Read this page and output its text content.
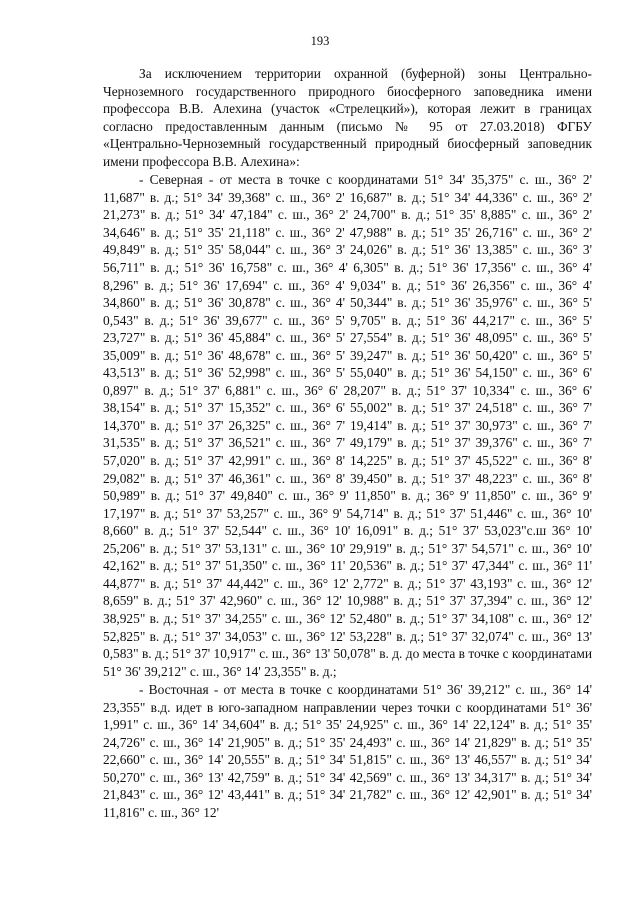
193

За исключением территории охранной (буферной) зоны Центрально-Черноземного государственного природного биосферного заповедника имени профессора В.В. Алехина (участок «Стрелецкий»), которая лежит в границах согласно предоставленным данным (письмо № 95 от 27.03.2018) ФГБУ «Центрально-Черноземный государственный природный биосферный заповедник имени профессора В.В. Алехина»:

- Северная - от места в точке с координатами 51° 34' 35,375" с. ш., 36° 2' 11,687" в. д.; 51° 34' 39,368" с. ш., 36° 2' 16,687" в. д.; 51° 34' 44,336" с. ш., 36° 2' 21,273" в. д.; 51° 34' 47,184" с. ш., 36° 2' 24,700" в. д.; 51° 35' 8,885" с. ш., 36° 2' 34,646" в. д.; 51° 35' 21,118" с. ш., 36° 2' 47,988" в. д.; 51° 35' 26,716" с. ш., 36° 2' 49,849" в. д.; 51° 35' 58,044" с. ш., 36° 3' 24,026" в. д.; 51° 36' 13,385" с. ш., 36° 3' 56,711" в. д.; 51° 36' 16,758" с. ш., 36° 4' 6,305" в. д.; 51° 36' 17,356" с. ш., 36° 4' 8,296" в. д.; 51° 36' 17,694" с. ш., 36° 4' 9,034" в. д.; 51° 36' 26,356" с. ш., 36° 4' 34,860" в. д.; 51° 36' 30,878" с. ш., 36° 4' 50,344" в. д.; 51° 36' 35,976" с. ш., 36° 5' 0,543" в. д.; 51° 36' 39,677" с. ш., 36° 5' 9,705" в. д.; 51° 36' 44,217" с. ш., 36° 5' 23,727" в. д.; 51° 36' 45,884" с. ш., 36° 5' 27,554" в. д.; 51° 36' 48,095" с. ш., 36° 5' 35,009" в. д.; 51° 36' 48,678" с. ш., 36° 5' 39,247" в. д.; 51° 36' 50,420" с. ш., 36° 5' 43,513" в. д.; 51° 36' 52,998" с. ш., 36° 5' 55,040" в. д.; 51° 36' 54,150" с. ш., 36° 6' 0,897" в. д.; 51° 37' 6,881" с. ш., 36° 6' 28,207" в. д.; 51° 37' 10,334" с. ш., 36° 6' 38,154" в. д.; 51° 37' 15,352" с. ш., 36° 6' 55,002" в. д.; 51° 37' 24,518" с. ш., 36° 7' 14,370" в. д.; 51° 37' 26,325" с. ш., 36° 7' 19,414" в. д.; 51° 37' 30,973" с. ш., 36° 7' 31,535" в. д.; 51° 37' 36,521" с. ш., 36° 7' 49,179" в. д.; 51° 37' 39,376" с. ш., 36° 7' 57,020" в. д.; 51° 37' 42,991" с. ш., 36° 8' 14,225" в. д.; 51° 37' 45,522" с. ш., 36° 8' 29,082" в. д.; 51° 37' 46,361" с. ш., 36° 8' 39,450" в. д.; 51° 37' 48,223" с. ш., 36° 8' 50,989" в. д.; 51° 37' 49,840" с. ш., 36° 9' 11,850" в. д.; 36° 9' 11,850" с. ш., 36° 9' 17,197" в. д.; 51° 37' 53,257" с. ш., 36° 9' 54,714" в. д.; 51° 37' 51,446" с. ш., 36° 10' 8,660" в. д.; 51° 37' 52,544" с. ш., 36° 10' 16,091" в. д.; 51° 37' 53,023"с.ш 36° 10' 25,206" в. д.; 51° 37' 53,131" с. ш., 36° 10' 29,919" в. д.; 51° 37' 54,571" с. ш., 36° 10' 42,162" в. д.; 51° 37' 51,350" с. ш., 36° 11' 20,536" в. д.; 51° 37' 47,344" с. ш., 36° 11' 44,877" в. д.; 51° 37' 44,442" с. ш., 36° 12' 2,772" в. д.; 51° 37' 43,193" с. ш., 36° 12' 8,659" в. д.; 51° 37' 42,960" с. ш., 36° 12' 10,988" в. д.; 51° 37' 37,394" с. ш., 36° 12' 38,925" в. д.; 51° 37' 34,255" с. ш., 36° 12' 52,480" в. д.; 51° 37' 34,108" с. ш., 36° 12' 52,825" в. д.; 51° 37' 34,053" с. ш., 36° 12' 53,228" в. д.; 51° 37' 32,074" с. ш., 36° 13' 0,583" в. д.; 51° 37' 10,917" с. ш., 36° 13' 50,078" в. д. до места в точке с координатами 51° 36' 39,212" с. ш., 36° 14' 23,355" в. д.;

- Восточная - от места в точке с координатами 51° 36' 39,212" с. ш., 36° 14' 23,355" в.д. идет в юго-западном направлении через точки с координатами 51° 36' 1,991" с. ш., 36° 14' 34,604" в. д.; 51° 35' 24,925" с. ш., 36° 14' 22,124" в. д.; 51° 35' 24,726" с. ш., 36° 14' 21,905" в. д.; 51° 35' 24,493" с. ш., 36° 14' 21,829" в. д.; 51° 35' 22,660" с. ш., 36° 14' 20,555" в. д.; 51° 34' 51,815" с. ш., 36° 13' 46,557" в. д.; 51° 34' 50,270" с. ш., 36° 13' 42,759" в. д.; 51° 34' 42,569" с. ш., 36° 13' 34,317" в. д.; 51° 34' 21,843" с. ш., 36° 12' 43,441" в. д.; 51° 34' 21,782" с. ш., 36° 12' 42,901" в. д.; 51° 34' 11,816" с. ш., 36° 12'
